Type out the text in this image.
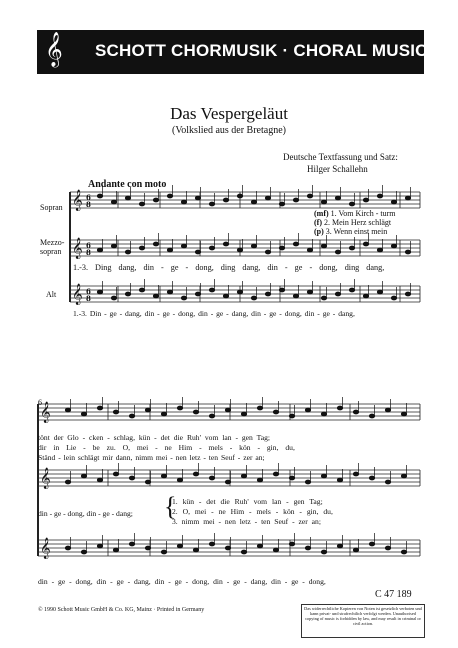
𝄞 SCHOTT CHORMUSIK · CHORAL MUSIC
Das Vespergeläut
(Volkslied aus der Bretagne)
Deutsche Textfassung und Satz:
Hilger Schallehn
Andante con moto
Sopran
Mezzo-
sopran
Alt
𝄞 6
8
𝄞 6
8
𝄞 6
8
𝄞
𝄞
𝄞
(mf) 1. Vom Kirch - turm
(f) 2. Mein Herz schlägt
(p) 3. Wenn einst mein
1.-3. Ding dang, din - ge - dong, ding dang, din - ge - dong, ding dang,
1.-3. Din - ge - dang, din - ge - dong, din - ge - dang, din - ge - dong, din - ge - dang,
6
tönt der Glo - cken - schlag, kün - det die Ruh' vom lan - gen Tag;
dir in Lie - be zu. O, mei - ne Him - mels - kön - gin, du,
Ständ - lein schlägt mir dann, nimm mei - nen letz - ten Seuf - zer an;
din - ge - dong, din - ge - dang; {
1. kün - det die Ruh' vom lan - gen Tag;
2. O, mei - ne Him - mels - kön - gin, du,
3. nimm mei - nen letz - ten Seuf - zer an;
din - ge - dong, din - ge - dang, din - ge - dong, din - ge - dang, din - ge - dong,
© 1990 Schott Music GmbH & Co. KG, Mainz · Printed in Germany
C 47 189
Das widerrechtliche Kopieren von Noten ist gesetzlich verboten und kann privat- und strafrechtlich verfolgt werden. Unauthorised copying of music is forbidden by law, and may result in criminal or civil action.
